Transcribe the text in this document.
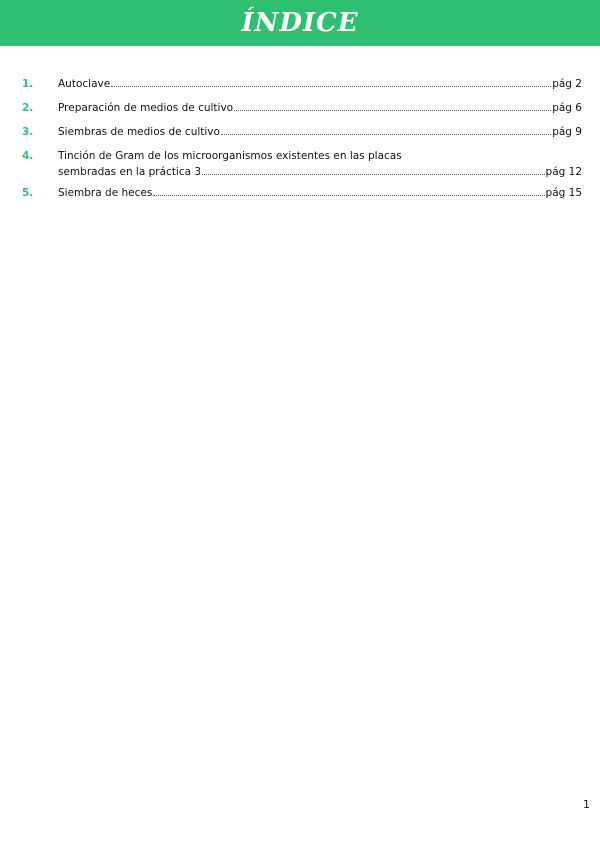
ÍNDICE
1.	Autoclave	pág 2
2.	Preparación de medios de cultivo	pág 6
3.	Siembras de medios de cultivo	pág 9
4.	Tinción de Gram de los microorganismos existentes en las placas
sembradas en la práctica 3	pág 12
5.	Siembra de heces	pág 15
1
